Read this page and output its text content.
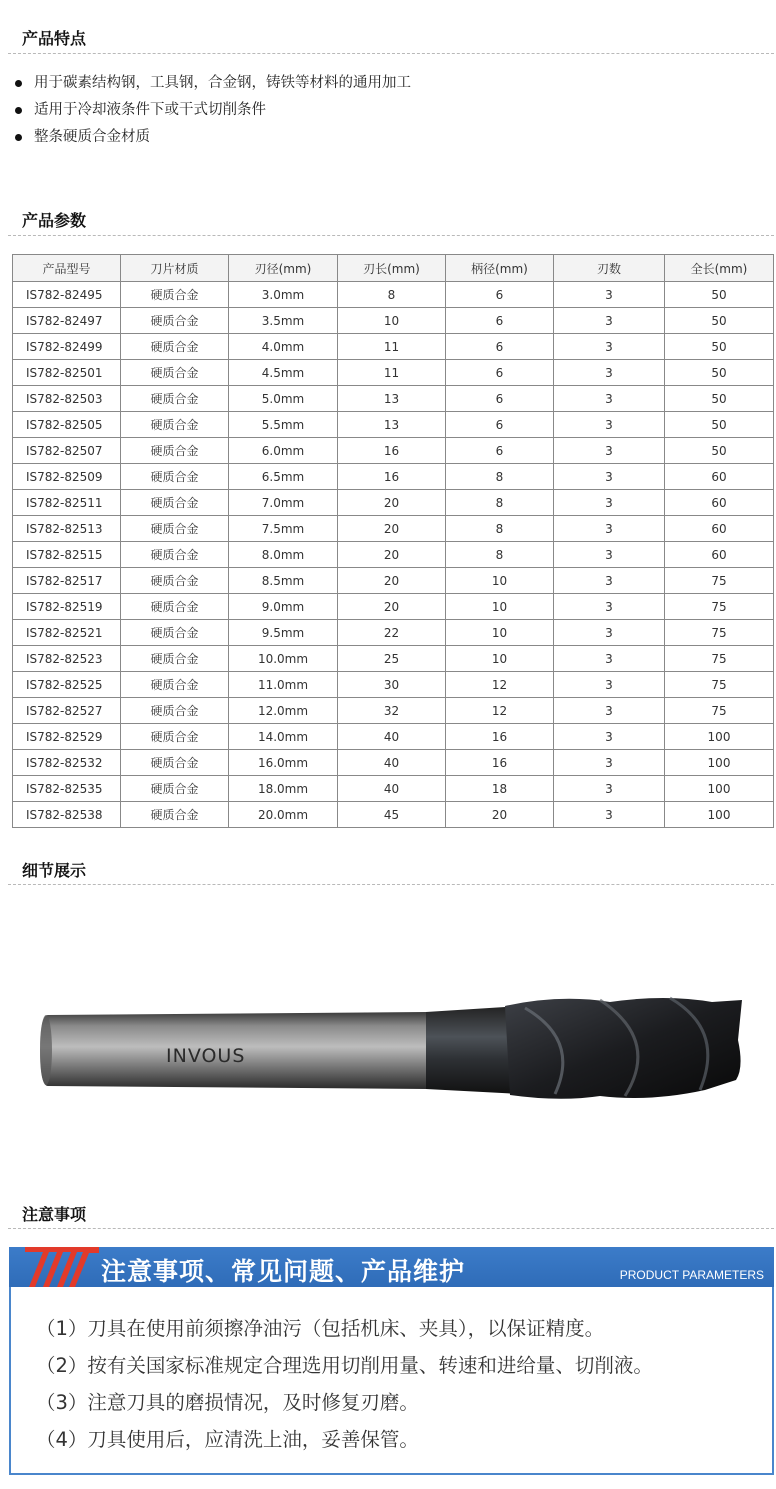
产品特点
用于碳素结构钢，工具钢，合金钢，铸铁等材料的通用加工
适用于冷却液条件下或干式切削条件
整条硬质合金材质
产品参数
产品型号	刀片材质	刃径(mm)	刃长(mm)	柄径(mm)	刃数	全长(mm)
IS782-82495	硬质合金	3.0mm	8	6	3	50
IS782-82497	硬质合金	3.5mm	10	6	3	50
IS782-82499	硬质合金	4.0mm	11	6	3	50
IS782-82501	硬质合金	4.5mm	11	6	3	50
IS782-82503	硬质合金	5.0mm	13	6	3	50
IS782-82505	硬质合金	5.5mm	13	6	3	50
IS782-82507	硬质合金	6.0mm	16	6	3	50
IS782-82509	硬质合金	6.5mm	16	8	3	60
IS782-82511	硬质合金	7.0mm	20	8	3	60
IS782-82513	硬质合金	7.5mm	20	8	3	60
IS782-82515	硬质合金	8.0mm	20	8	3	60
IS782-82517	硬质合金	8.5mm	20	10	3	75
IS782-82519	硬质合金	9.0mm	20	10	3	75
IS782-82521	硬质合金	9.5mm	22	10	3	75
IS782-82523	硬质合金	10.0mm	25	10	3	75
IS782-82525	硬质合金	11.0mm	30	12	3	75
IS782-82527	硬质合金	12.0mm	32	12	3	75
IS782-82529	硬质合金	14.0mm	40	16	3	100
IS782-82532	硬质合金	16.0mm	40	16	3	100
IS782-82535	硬质合金	18.0mm	40	18	3	100
IS782-82538	硬质合金	20.0mm	45	20	3	100
细节展示
INVOUS
注意事项
注意事项、常见问题、产品维护	PRODUCT PARAMETERS
（1）刀具在使用前须擦净油污（包括机床、夹具），以保证精度。
（2）按有关国家标准规定合理选用切削用量、转速和进给量、切削液。
（3）注意刀具的磨损情况，及时修复刃磨。
（4）刀具使用后，应清洗上油，妥善保管。
